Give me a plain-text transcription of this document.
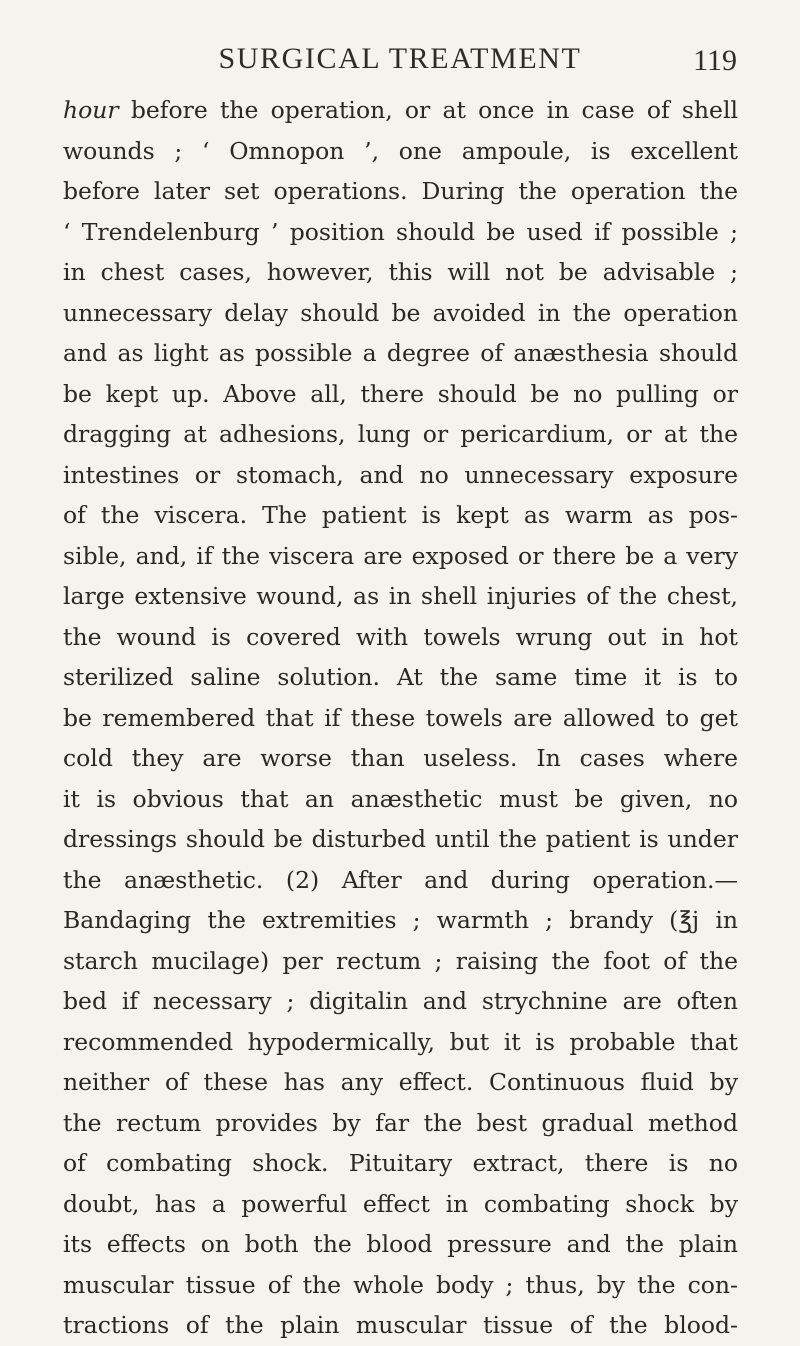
SURGICAL TREATMENT	119
hour before the operation, or at once in case of shell
wounds ; ‘ Omnopon ’, one ampoule, is excellent
before later set operations. During the operation the
‘ Trendelenburg ’ position should be used if possible ;
in chest cases, however, this will not be advisable ;
unnecessary delay should be avoided in the operation
and as light as possible a degree of anæsthesia should
be kept up. Above all, there should be no pulling or
dragging at adhesions, lung or pericardium, or at the
intestines or stomach, and no unnecessary exposure
of the viscera. The patient is kept as warm as pos-
sible, and, if the viscera are exposed or there be a very
large extensive wound, as in shell injuries of the chest,
the wound is covered with towels wrung out in hot
sterilized saline solution. At the same time it is to
be remembered that if these towels are allowed to get
cold they are worse than useless. In cases where
it is obvious that an anæsthetic must be given, no
dressings should be disturbed until the patient is under
the anæsthetic. (2) After and during operation.—
Bandaging the extremities ; warmth ; brandy (℥j in
starch mucilage) per rectum ; raising the foot of the
bed if necessary ; digitalin and strychnine are often
recommended hypodermically, but it is probable that
neither of these has any effect. Continuous fluid by
the rectum provides by far the best gradual method
of combating shock. Pituitary extract, there is no
doubt, has a powerful effect in combating shock by
its effects on both the blood pressure and the plain
muscular tissue of the whole body ; thus, by the con-
tractions of the plain muscular tissue of the blood-
